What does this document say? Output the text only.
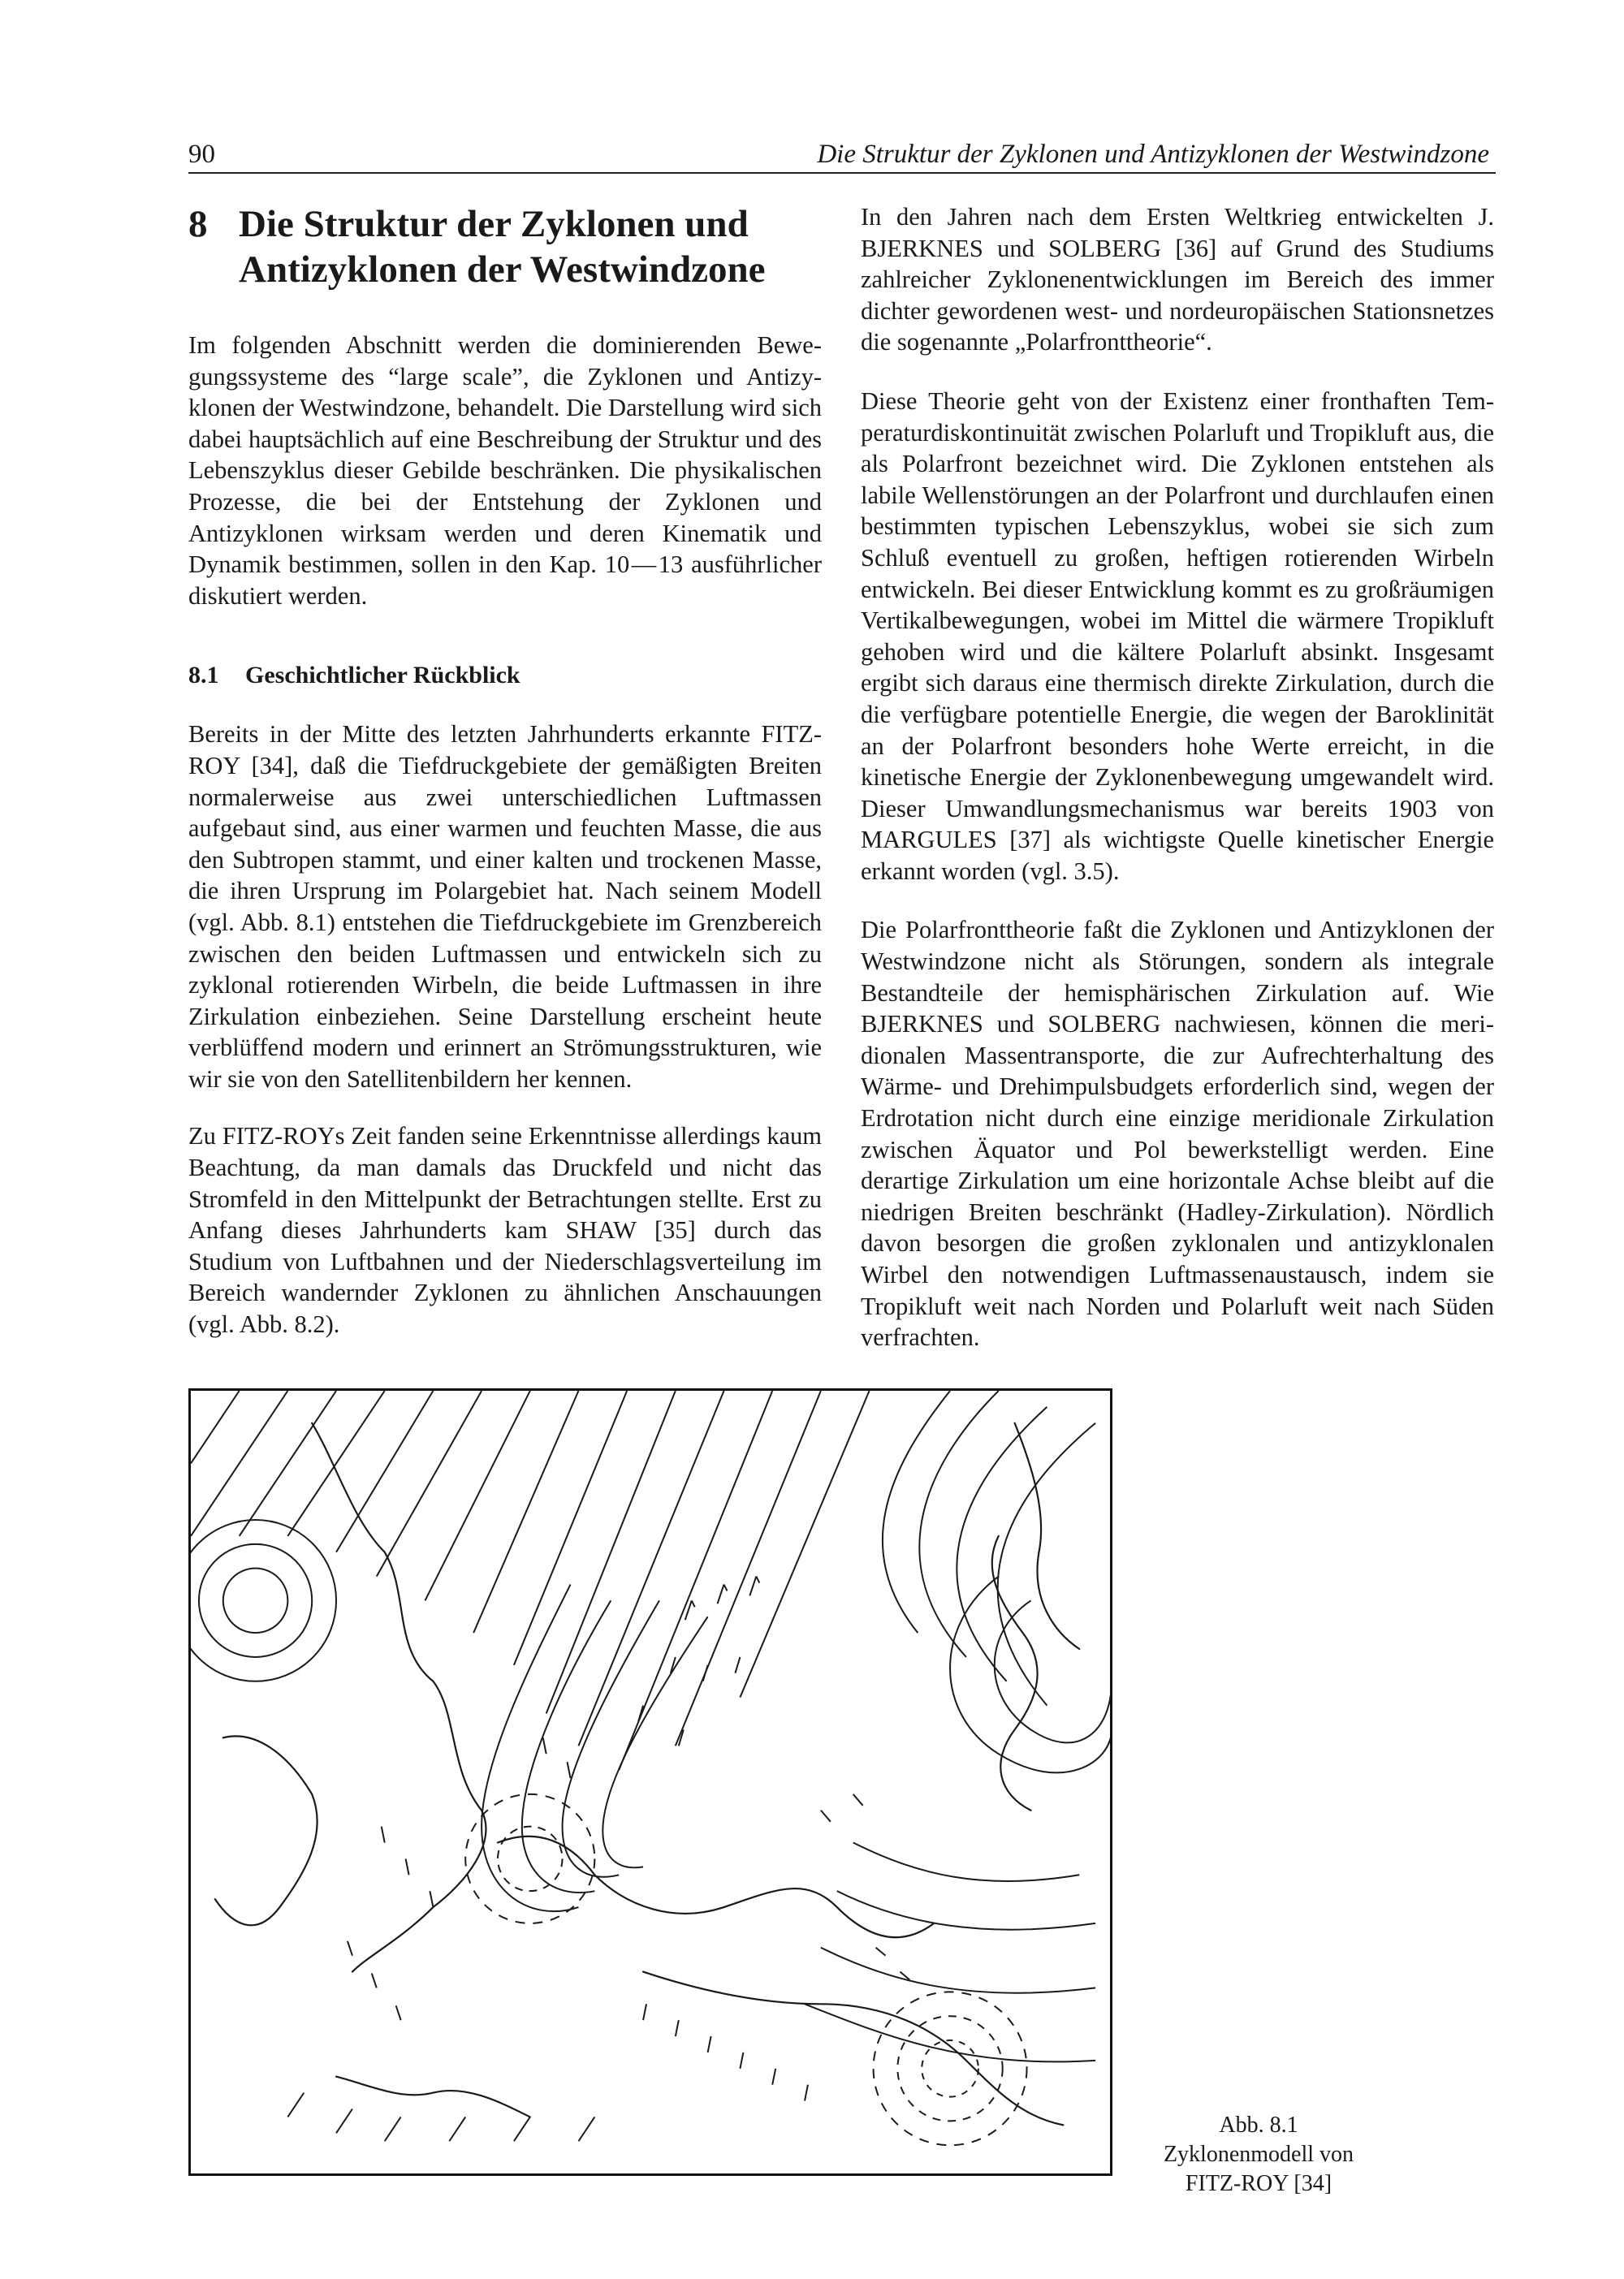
90	Die Struktur der Zyklonen und Antizyklonen der Westwindzone
8 Die Struktur der Zyklonen und
Antizyklonen der Westwindzone

Im folgenden Abschnitt werden die dominierenden Bewegungssysteme des “large scale”, die Zyklonen und Antizyklonen der Westwindzone, behandelt. Die Darstellung wird sich dabei hauptsächlich auf eine Beschreibung der Struktur und des Lebenszyklus dieser Gebilde beschränken. Die physikalischen Prozesse, die bei der Entstehung der Zyklonen und Antizyklonen wirksam werden und deren Kinematik und Dynamik bestimmen, sollen in den Kap. 10 — 13 ausführlicher diskutiert werden.

8.1	Geschichtlicher Rückblick

Bereits in der Mitte des letzten Jahrhunderts erkannte FITZ-ROY [34], daß die Tiefdruckgebiete der gemäßigten Breiten normalerweise aus zwei unterschiedlichen Luftmassen aufgebaut sind, aus einer warmen und feuchten Masse, die aus den Subtropen stammt, und einer kalten und trockenen Masse, die ihren Ursprung im Polargebiet hat. Nach seinem Modell (vgl. Abb. 8.1) entstehen die Tiefdruckgebiete im Grenzbereich zwischen den beiden Luftmassen und entwickeln sich zu zyklonal rotierenden Wirbeln, die beide Luftmassen in ihre Zirkulation einbeziehen. Seine Darstellung erscheint heute verblüffend modern und erinnert an Strömungsstrukturen, wie wir sie von den Satellitenbildern her kennen.

Zu FITZ-ROYs Zeit fanden seine Erkenntnisse allerdings kaum Beachtung, da man damals das Druckfeld und nicht das Stromfeld in den Mittelpunkt der Betrachtungen stellte. Erst zu Anfang dieses Jahrhunderts kam SHAW [35] durch das Studium von Luftbahnen und der Niederschlagsverteilung im Bereich wandernder Zyklonen zu ähnlichen Anschauungen (vgl. Abb. 8.2).

In den Jahren nach dem Ersten Weltkrieg entwickelten J. BJERKNES und SOLBERG [36] auf Grund des Studiums zahlreicher Zyklonenentwicklungen im Bereich des immer dichter gewordenen west- und nordeuropäischen Stationsnetzes die sogenannte „Polarfronttheorie“.

Diese Theorie geht von der Existenz einer fronthaften Temperaturdiskontinuität zwischen Polarluft und Tropikluft aus, die als Polarfront bezeichnet wird. Die Zyklonen entstehen als labile Wellenstörungen an der Polarfront und durchlaufen einen bestimmten typischen Lebenszyklus, wobei sie sich zum Schluß eventuell zu großen, heftigen rotierenden Wirbeln entwickeln. Bei dieser Entwicklung kommt es zu großräumigen Vertikalbewegungen, wobei im Mittel die wärmere Tropikluft gehoben wird und die kältere Polarluft absinkt. Insgesamt ergibt sich daraus eine thermisch direkte Zirkulation, durch die die verfügbare potentielle Energie, die wegen der Baroklinität an der Polarfront besonders hohe Werte erreicht, in die kinetische Energie der Zyklonenbewegung umgewandelt wird. Dieser Umwandlungsmechanismus war bereits 1903 von MARGULES [37] als wichtigste Quelle kinetischer Energie erkannt worden (vgl. 3.5).

Die Polarfronttheorie faßt die Zyklonen und Antizyklonen der Westwindzone nicht als Störungen, sondern als integrale Bestandteile der hemisphärischen Zirkulation auf. Wie BJERKNES und SOLBERG nachwiesen, können die meridionalen Massentransporte, die zur Aufrechterhaltung des Wärme- und Drehimpulsbudgets erforderlich sind, wegen der Erdrotation nicht durch eine einzige meridionale Zirkulation zwischen Äquator und Pol bewerkstelligt werden. Eine derartige Zirkulation um eine horizontale Achse bleibt auf die niedrigen Breiten beschränkt (Hadley-Zirkulation). Nördlich davon besorgen die großen zyklonalen und antizyklonalen Wirbel den notwendigen Luftmassenaustausch, indem sie Tropikluft weit nach Norden und Polarluft weit nach Süden verfrachten.

Abb. 8.1
Zyklonenmodell von
FITZ-ROY [34]
